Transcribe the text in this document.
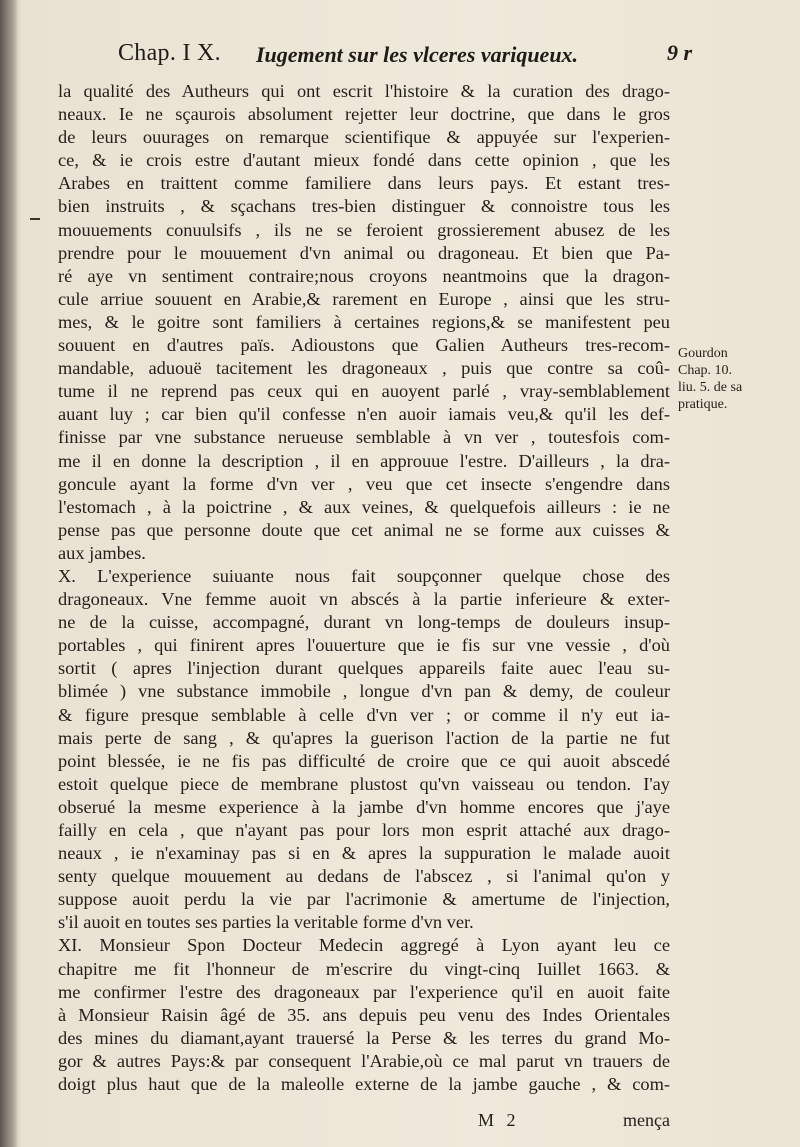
Chap. I X. Iugement sur les vlceres variqueux.	9 r
la qualité des Autheurs qui ont escrit l'histoire & la curation des drago-
neaux. Ie ne sçaurois absolument rejetter leur doctrine, que dans le gros
de leurs ouurages on remarque scientifique & appuyée sur l'experien-
ce, & ie crois estre d'autant mieux fondé dans cette opinion , que les
Arabes en traittent comme familiere dans leurs pays. Et estant tres-
bien instruits , & sçachans tres-bien distinguer & connoistre tous les
mouuements conuulsifs , ils ne se feroient grossierement abusez de les
prendre pour le mouuement d'vn animal ou dragoneau. Et bien que Pa-
ré aye vn sentiment contraire;nous croyons neantmoins que la dragon-
cule arriue souuent en Arabie,& rarement en Europe , ainsi que les stru-
mes, & le goitre sont familiers à certaines regions,& se manifestent peu
souuent en d'autres païs. Adioustons que Galien Autheurs tres-recom-
mandable, aduouë tacitement les dragoneaux , puis que contre sa coû-
tume il ne reprend pas ceux qui en auoyent parlé , vray-semblablement
auant luy ; car bien qu'il confesse n'en auoir iamais veu,& qu'il les def-
finisse par vne substance nerueuse semblable à vn ver , toutesfois com-
me il en donne la description , il en approuue l'estre. D'ailleurs , la dra-
goncule ayant la forme d'vn ver , veu que cet insecte s'engendre dans
l'estomach , à la poictrine , & aux veines, & quelquefois ailleurs : ie ne
pense pas que personne doute que cet animal ne se forme aux cuisses &
aux jambes.
X. L'experience suiuante nous fait soupçonner quelque chose des
dragoneaux. Vne femme auoit vn abscés à la partie inferieure & exter-
ne de la cuisse, accompagné, durant vn long-temps de douleurs insup-
portables , qui finirent apres l'ouuerture que ie fis sur vne vessie , d'où
sortit ( apres l'injection durant quelques appareils faite auec l'eau su-
blimée ) vne substance immobile , longue d'vn pan & demy, de couleur
& figure presque semblable à celle d'vn ver ; or comme il n'y eut ia-
mais perte de sang , & qu'apres la guerison l'action de la partie ne fut
point blessée, ie ne fis pas difficulté de croire que ce qui auoit abscedé
estoit quelque piece de membrane plustost qu'vn vaisseau ou tendon. I'ay
obserué la mesme experience à la jambe d'vn homme encores que j'aye
failly en cela , que n'ayant pas pour lors mon esprit attaché aux drago-
neaux , ie n'examinay pas si en & apres la suppuration le malade auoit
senty quelque mouuement au dedans de l'abscez , si l'animal qu'on y
suppose auoit perdu la vie par l'acrimonie & amertume de l'injection,
s'il auoit en toutes ses parties la veritable forme d'vn ver.
XI. Monsieur Spon Docteur Medecin aggregé à Lyon ayant leu ce
chapitre me fit l'honneur de m'escrire du vingt-cinq Iuillet 1663. &
me confirmer l'estre des dragoneaux par l'experience qu'il en auoit faite
à Monsieur Raisin âgé de 35. ans depuis peu venu des Indes Orientales
des mines du diamant,ayant trauersé la Perse & les terres du grand Mo-
gor & autres Pays:& par consequent l'Arabie,où ce mal parut vn trauers de
doigt plus haut que de la maleolle externe de la jambe gauche , & com-
Gourdon
Chap. 10.
liu. 5. de sa
pratique.
M 2	mença
